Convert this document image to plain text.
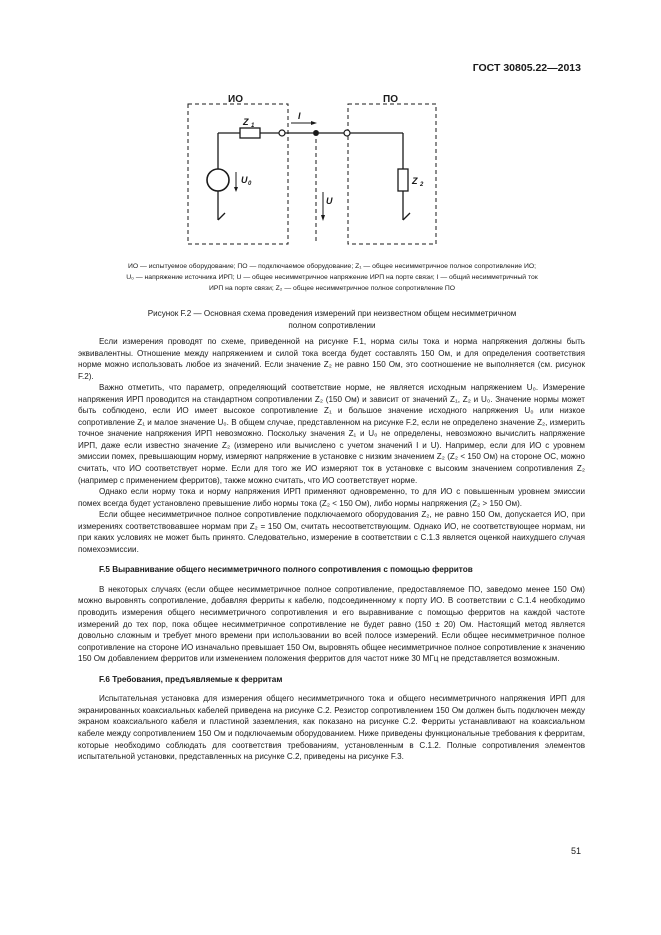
ГОСТ 30805.22—2013
ИО	ПО
Z 1
Z 2
U 0
U
I
ИО — испытуемое оборудование; ПО — подключаемое оборудование; Z₁ — общее несимметричное полное сопротивление ИО;
U₀ — напряжение источника ИРП; U — общее несимметричное напряжение ИРП на порте связи; I — общий несимметричный ток
ИРП на порте связи; Z₂ — общее несимметричное полное сопротивление ПО
Рисунок F.2 — Основная схема проведения измерений при неизвестном общем несимметричном
полном сопротивлении

Если измерения проводят по схеме, приведенной на рисунке F.1, норма силы тока и норма напряжения должны быть эквивалентны. Отношение между напряжением и силой тока всегда будет составлять 150 Ом, и для определения соответствия норме можно использовать любое из значений. Если значение Z₂ не равно 150 Ом, это соотношение не выполняется (см. рисунок F.2).

Важно отметить, что параметр, определяющий соответствие норме, не является исходным напряжением U₀. Измерение напряжения ИРП проводится на стандартном сопротивлении Z₂ (150 Ом) и зависит от значений Z₁, Z₂ и U₀. Значение нормы может быть соблюдено, если ИО имеет высокое сопротивление Z₁ и большое значение исходного напряжения U₀ или низкое сопротивление Z₁ и малое значение U₀. В общем случае, представленном на рисунке F.2, если не определено значение Z₂, измерить точное значение напряжения ИРП невозможно. Поскольку значения Z₁ и U₀ не определены, невозможно вычислить напряжение ИРП, даже если известно значение Z₂ (измерено или вычислено с учетом значений I и U). Например, если для ИО с уровнем эмиссии помех, превышающим норму, измеряют напряжение в установке с низким значением Z₂ (Z₂ < 150 Ом) на стороне ОС, можно считать, что ИО соответствует норме. Если для того же ИО измеряют ток в установке с высоким значением сопротивления Z₂ (например с применением ферритов), также можно считать, что ИО соответствует норме.

Однако если норму тока и норму напряжения ИРП применяют одновременно, то для ИО с повышенным уровнем эмиссии помех всегда будет установлено превышение либо нормы тока (Z₂ < 150 Ом), либо нормы напряжения (Z₂ > 150 Ом).

Если общее несимметричное полное сопротивление подключаемого оборудования Z₂, не равно 150 Ом, допускается ИО, при измерениях соответствовавшее нормам при Z₂ = 150 Ом, считать несоответствующим. Однако ИО, не соответствующее нормам, ни при каких условиях не может быть принято. Следовательно, измерение в соответствии с С.1.3 является оценкой наихудшего случая помехоэмиссии.

F.5 Выравнивание общего несимметричного полного сопротивления с помощью ферритов

В некоторых случаях (если общее несимметричное полное сопротивление, предоставляемое ПО, заведомо менее 150 Ом) можно выровнять сопротивление, добавляя ферриты к кабелю, подсоединенному к порту ИО. В соответствии с С.1.4 необходимо проводить измерения общего несимметричного сопротивления и его выравнивание с помощью ферритов на каждой частоте измерений до тех пор, пока общее несимметричное сопротивление не будет равно (150 ± 20) Ом. Настоящий метод является довольно сложным и требует много времени при использовании во всей полосе измерений. Если общее несимметричное полное сопротивление на стороне ИО изначально превышает 150 Ом, выровнять общее несимметричное полное сопротивление к значению 150 Ом добавлением ферритов или изменением положения ферритов для частот ниже 30 МГц не представляется возможным.

F.6 Требования, предъявляемые к ферритам

Испытательная установка для измерения общего несимметричного тока и общего несимметричного напряжения ИРП для экранированных коаксиальных кабелей приведена на рисунке С.2. Резистор сопротивлением 150 Ом должен быть подключен между экраном коаксиального кабеля и пластиной заземления, как показано на рисунке С.2. Ферриты устанавливают на коаксиальном кабеле между сопротивлением 150 Ом и подключаемым оборудованием. Ниже приведены функциональные требования к ферритам, которые необходимо соблюдать для соответствия требованиям, установленным в С.1.2. Полные сопротивления элементов испытательной установки, представленных на рисунке С.2, приведены на рисунке F.3.

51
